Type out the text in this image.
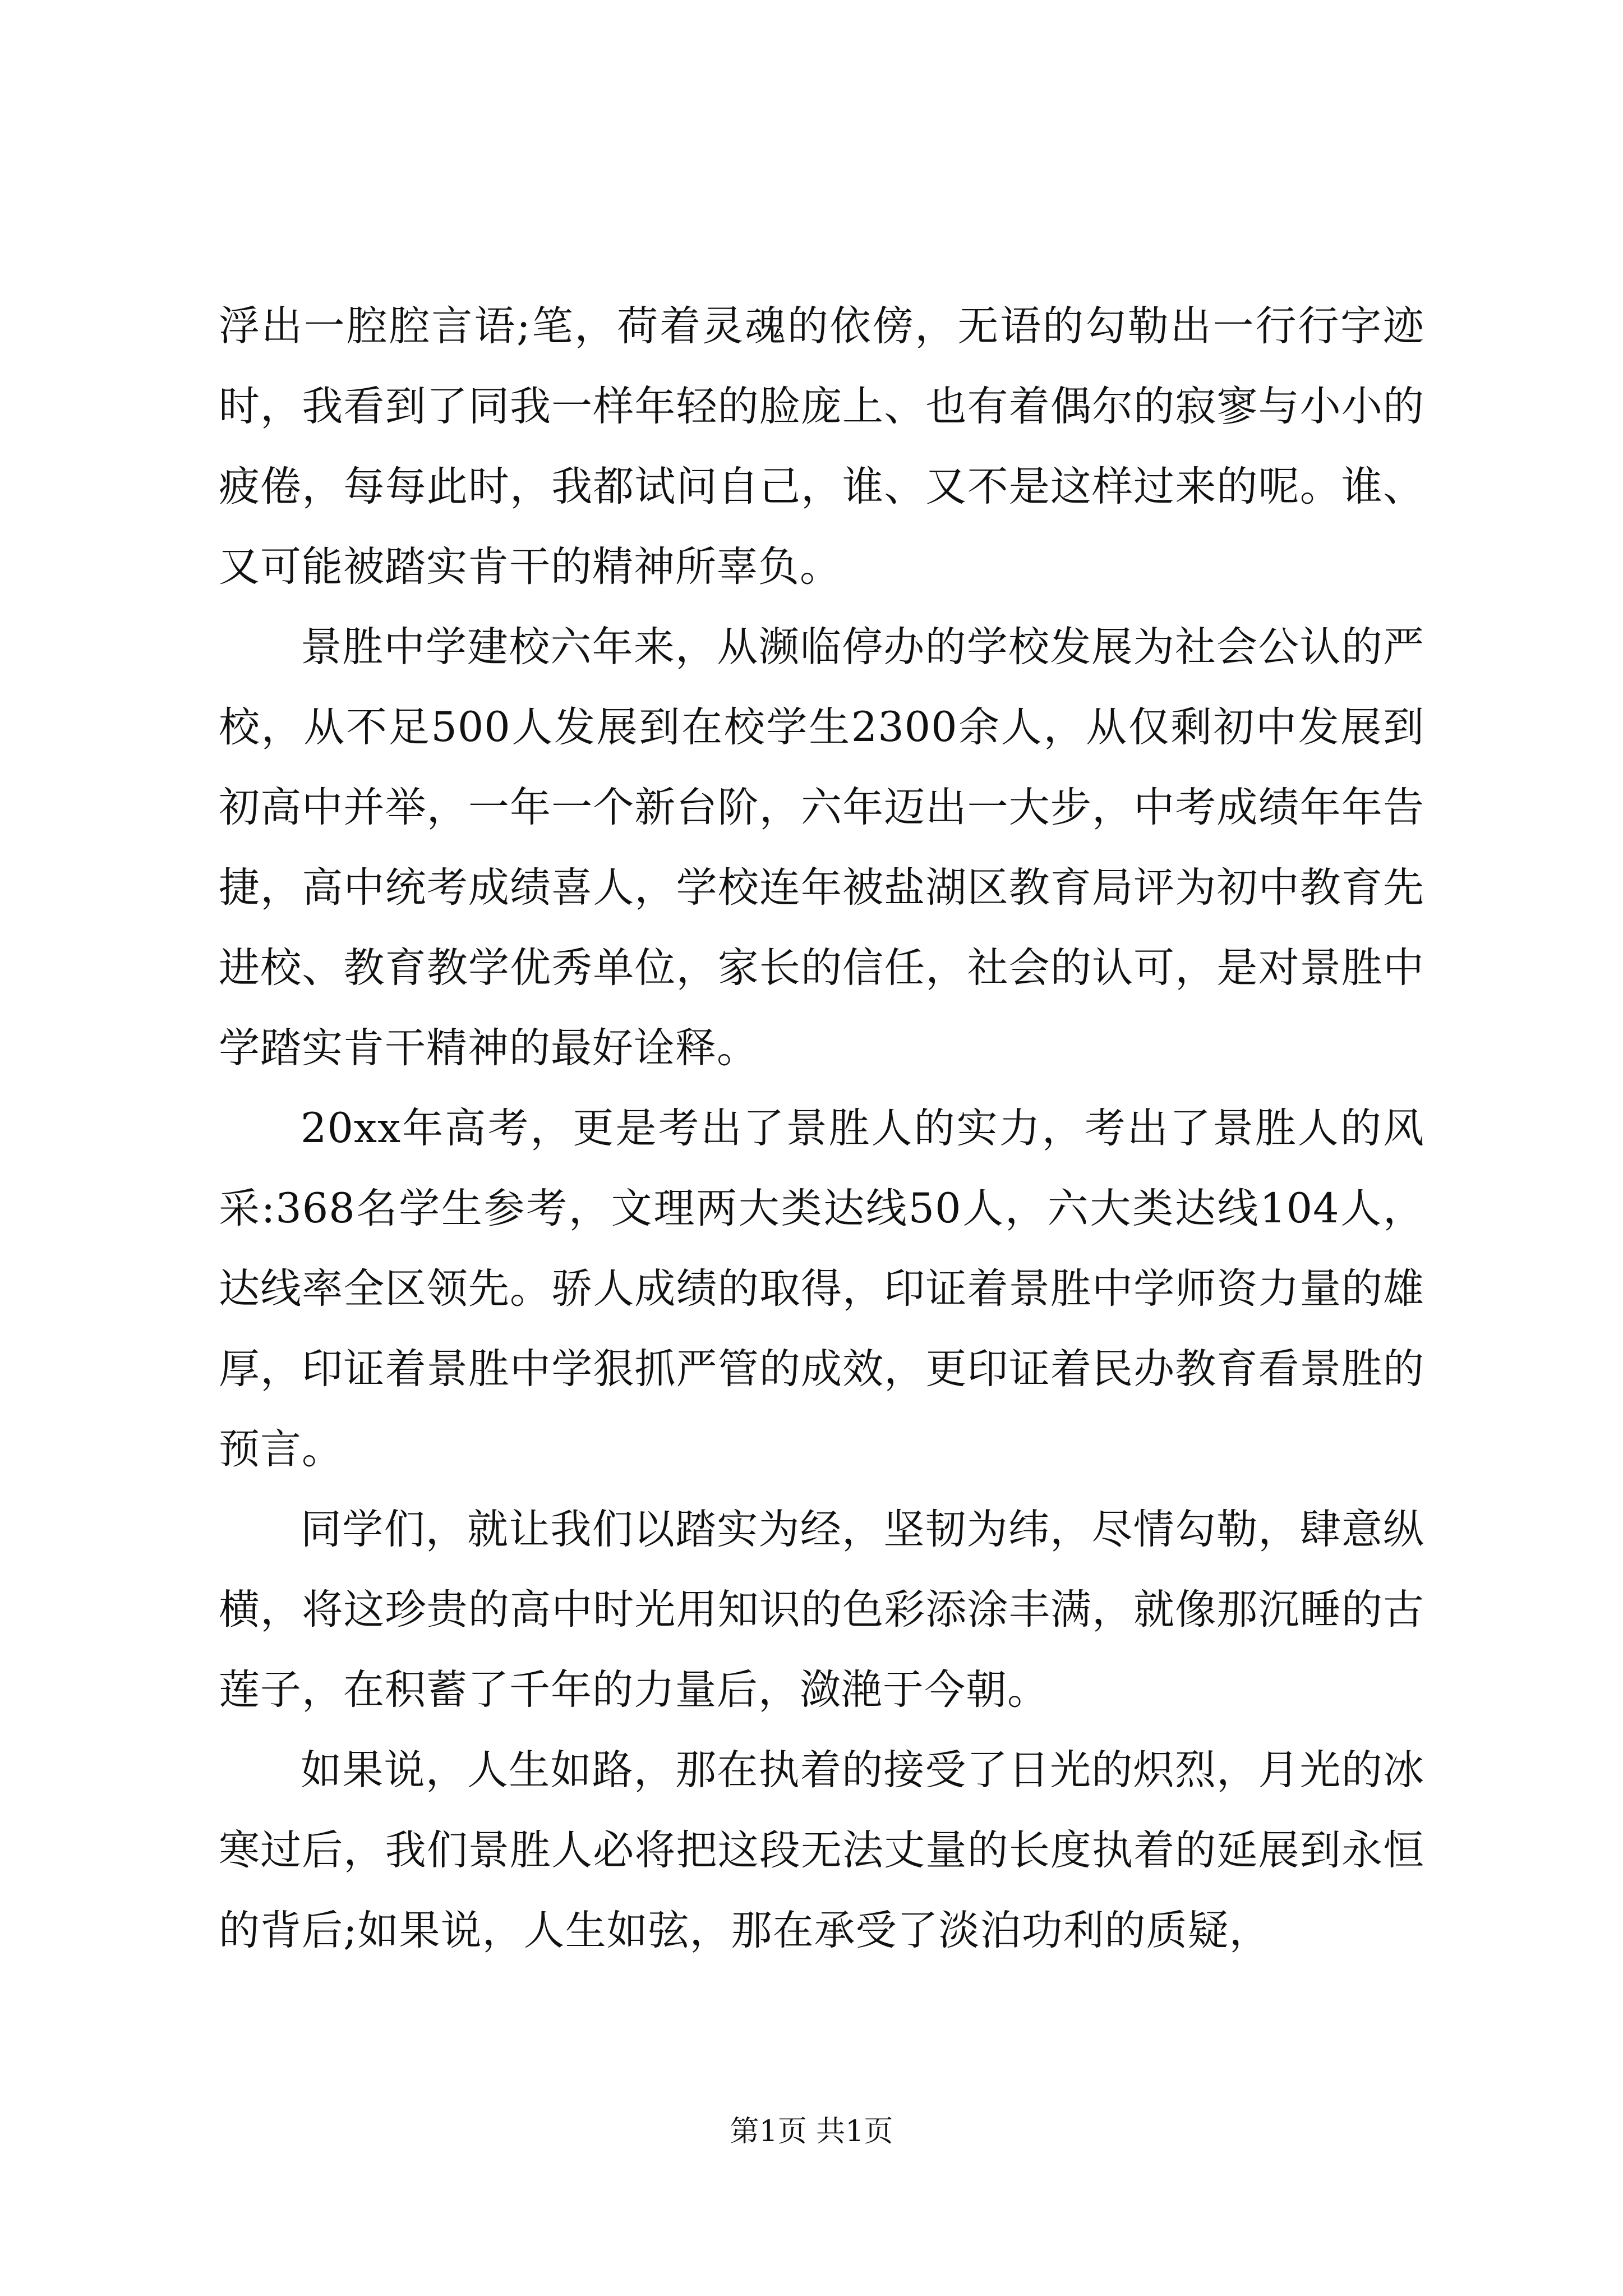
浮出一腔腔言语;笔，荷着灵魂的依傍，无语的勾勒出一行行字迹时，我看到了同我一样年轻的脸庞上、也有着偶尔的寂寥与小小的疲倦，每每此时，我都试问自己，谁、又不是这样过来的呢。谁、又可能被踏实肯干的精神所辜负。

景胜中学建校六年来，从濒临停办的学校发展为社会公认的严校，从不足500人发展到在校学生2300余人，从仅剩初中发展到初高中并举，一年一个新台阶，六年迈出一大步，中考成绩年年告捷，高中统考成绩喜人，学校连年被盐湖区教育局评为初中教育先进校、教育教学优秀单位，家长的信任，社会的认可，是对景胜中学踏实肯干精神的最好诠释。

20xx年高考，更是考出了景胜人的实力，考出了景胜人的风采:368名学生参考，文理两大类达线50人，六大类达线104人，达线率全区领先。骄人成绩的取得，印证着景胜中学师资力量的雄厚，印证着景胜中学狠抓严管的成效，更印证着民办教育看景胜的预言。

同学们，就让我们以踏实为经，坚韧为纬，尽情勾勒，肆意纵横，将这珍贵的高中时光用知识的色彩添涂丰满，就像那沉睡的古莲子，在积蓄了千年的力量后，潋滟于今朝。

如果说，人生如路，那在执着的接受了日光的炽烈，月光的冰寒过后，我们景胜人必将把这段无法丈量的长度执着的延展到永恒的背后;如果说，人生如弦，那在承受了淡泊功利的质疑，

第1页 共1页
